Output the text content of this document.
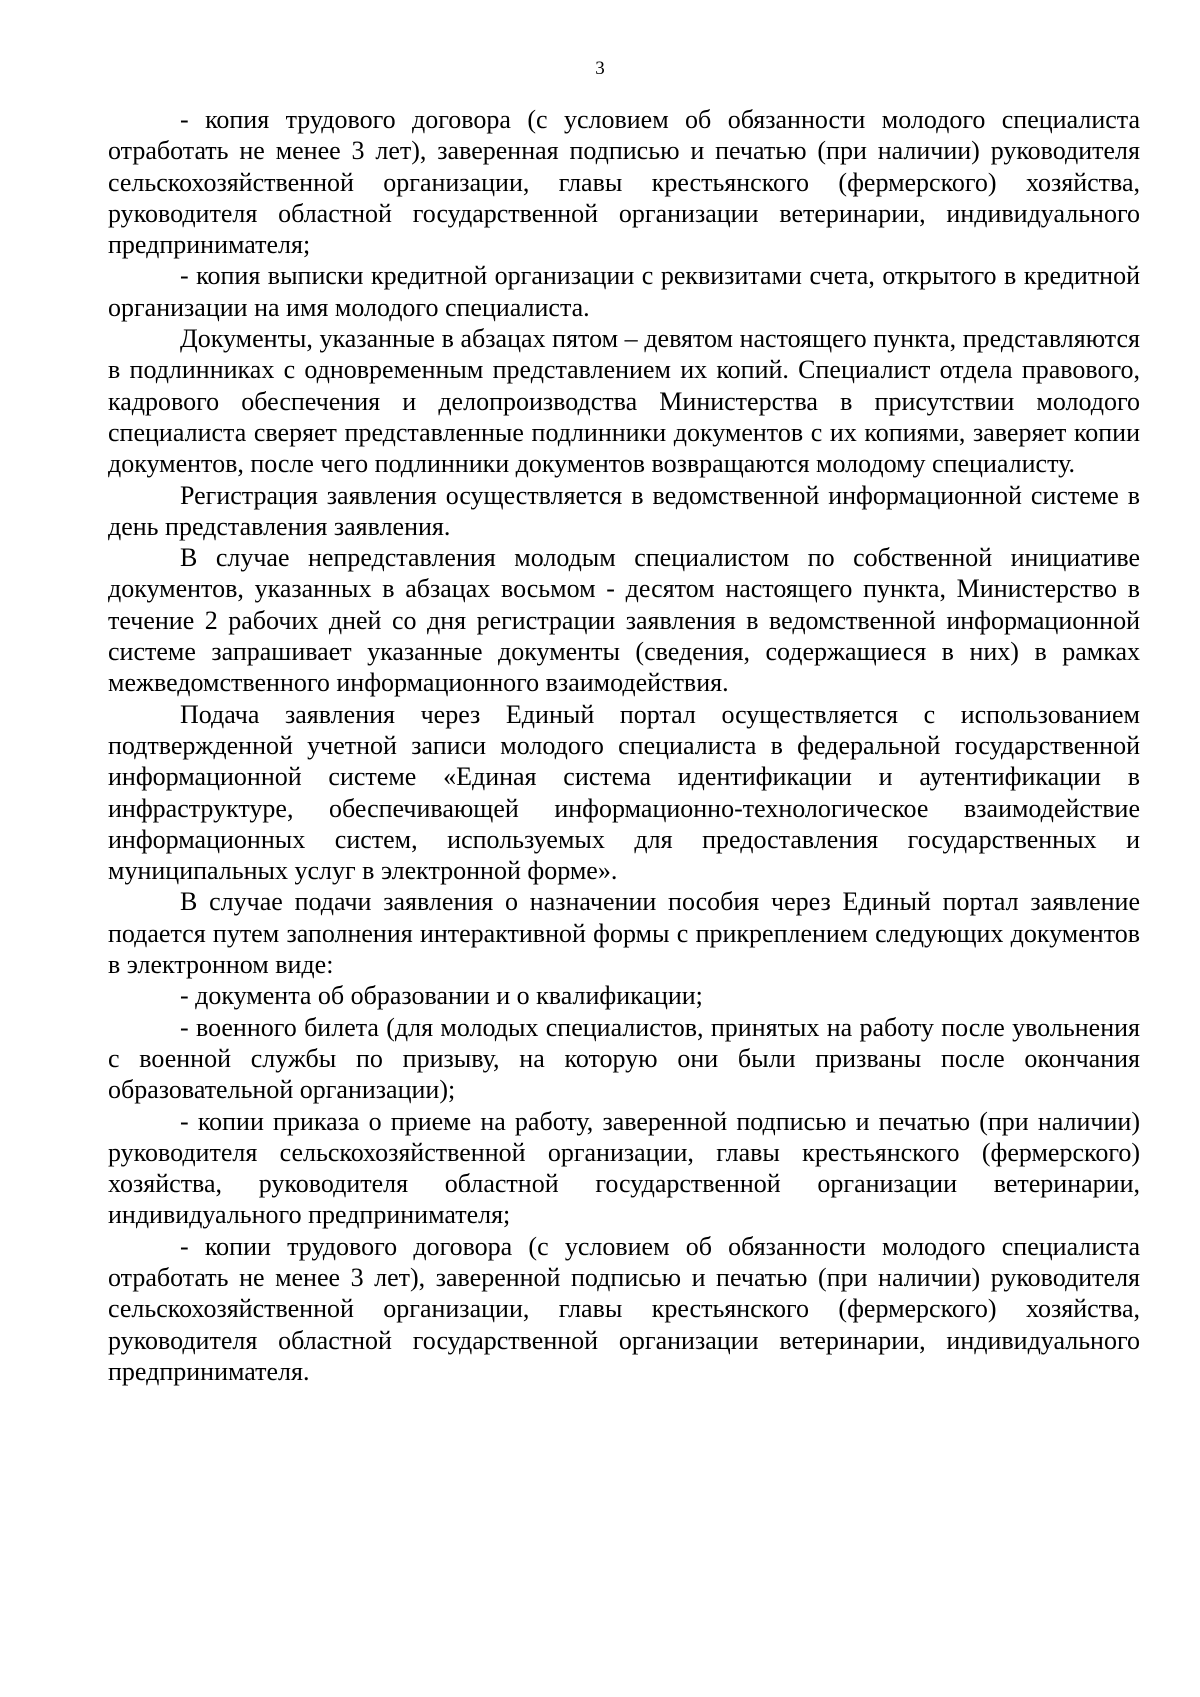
3

- копия трудового договора (с условием об обязанности молодого специалиста отработать не менее 3 лет), заверенная подписью и печатью (при наличии) руководителя сельскохозяйственной организации, главы крестьянского (фермерского) хозяйства, руководителя областной государственной организации ветеринарии, индивидуального предпринимателя;

- копия выписки кредитной организации с реквизитами счета, открытого в кредитной организации на имя молодого специалиста.

Документы, указанные в абзацах пятом – девятом настоящего пункта, представляются в подлинниках с одновременным представлением их копий. Специалист отдела правового, кадрового обеспечения и делопроизводства Министерства в присутствии молодого специалиста сверяет представленные подлинники документов с их копиями, заверяет копии документов, после чего подлинники документов возвращаются молодому специалисту.

Регистрация заявления осуществляется в ведомственной информационной системе в день представления заявления.

В случае непредставления молодым специалистом по собственной инициативе документов, указанных в абзацах восьмом - десятом настоящего пункта, Министерство в течение 2 рабочих дней со дня регистрации заявления в ведомственной информационной системе запрашивает указанные документы (сведения, содержащиеся в них) в рамках межведомственного информационного взаимодействия.

Подача заявления через Единый портал осуществляется с использованием подтвержденной учетной записи молодого специалиста в федеральной государственной информационной системе «Единая система идентификации и аутентификации в инфраструктуре, обеспечивающей информационно-технологическое взаимодействие информационных систем, используемых для предоставления государственных и муниципальных услуг в электронной форме».

В случае подачи заявления о назначении пособия через Единый портал заявление подается путем заполнения интерактивной формы с прикреплением следующих документов в электронном виде:

- документа об образовании и о квалификации;

- военного билета (для молодых специалистов, принятых на работу после увольнения с военной службы по призыву, на которую они были призваны после окончания образовательной организации);

- копии приказа о приеме на работу, заверенной подписью и печатью (при наличии) руководителя сельскохозяйственной организации, главы крестьянского (фермерского) хозяйства, руководителя областной государственной организации ветеринарии, индивидуального предпринимателя;

- копии трудового договора (с условием об обязанности молодого специалиста отработать не менее 3 лет), заверенной подписью и печатью (при наличии) руководителя сельскохозяйственной организации, главы крестьянского (фермерского) хозяйства, руководителя областной государственной организации ветеринарии, индивидуального предпринимателя.
